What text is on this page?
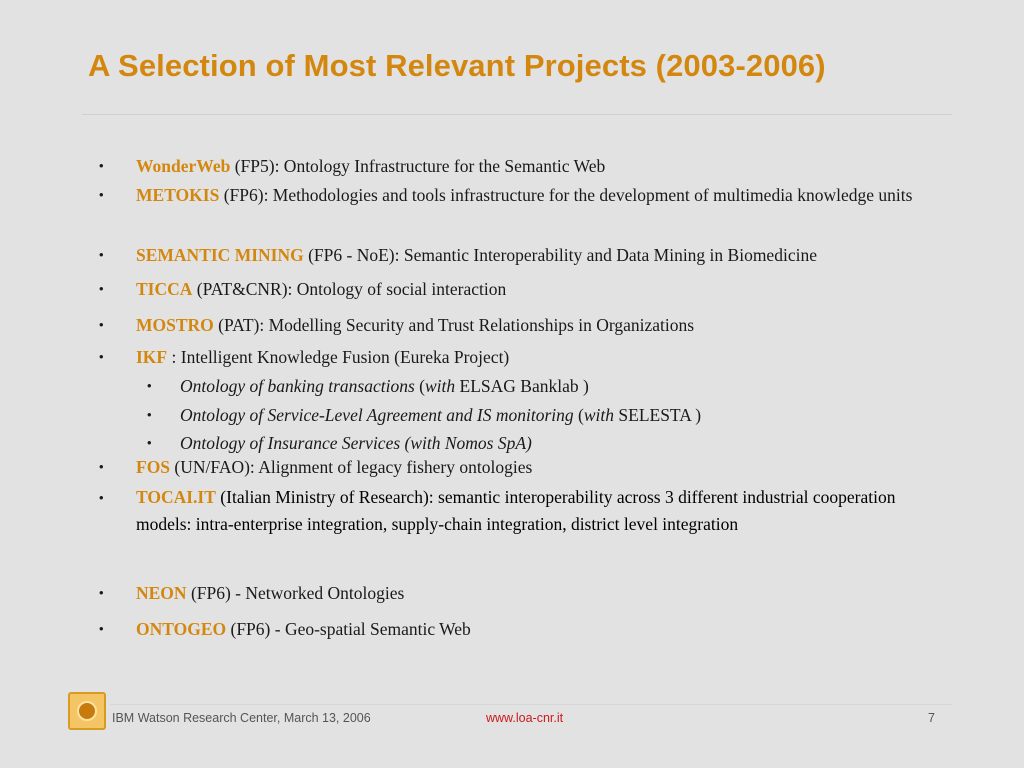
A Selection of Most Relevant Projects (2003-2006)
• WonderWeb (FP5): Ontology Infrastructure for the Semantic Web
• METOKIS (FP6): Methodologies and tools infrastructure for the development of multimedia knowledge units
• SEMANTIC MINING (FP6 - NoE): Semantic Interoperability and Data Mining in Biomedicine
• TICCA (PAT&CNR): Ontology of social interaction
• MOSTRO (PAT): Modelling Security and Trust Relationships in Organizations
• IKF : Intelligent Knowledge Fusion (Eureka Project)
• Ontology of banking transactions (with ELSAG Banklab )
• Ontology of Service-Level Agreement and IS monitoring (with SELESTA )
• Ontology of Insurance Services (with Nomos SpA)
• FOS (UN/FAO): Alignment of legacy fishery ontologies
• TOCAI.IT (Italian Ministry of Research): semantic interoperability across 3 different industrial cooperation models: intra-enterprise integration, supply-chain integration, district level integration
• NEON (FP6) - Networked Ontologies
• ONTOGEO (FP6) - Geo-spatial Semantic Web
IBM Watson Research Center, March 13, 2006	www.loa-cnr.it	7
